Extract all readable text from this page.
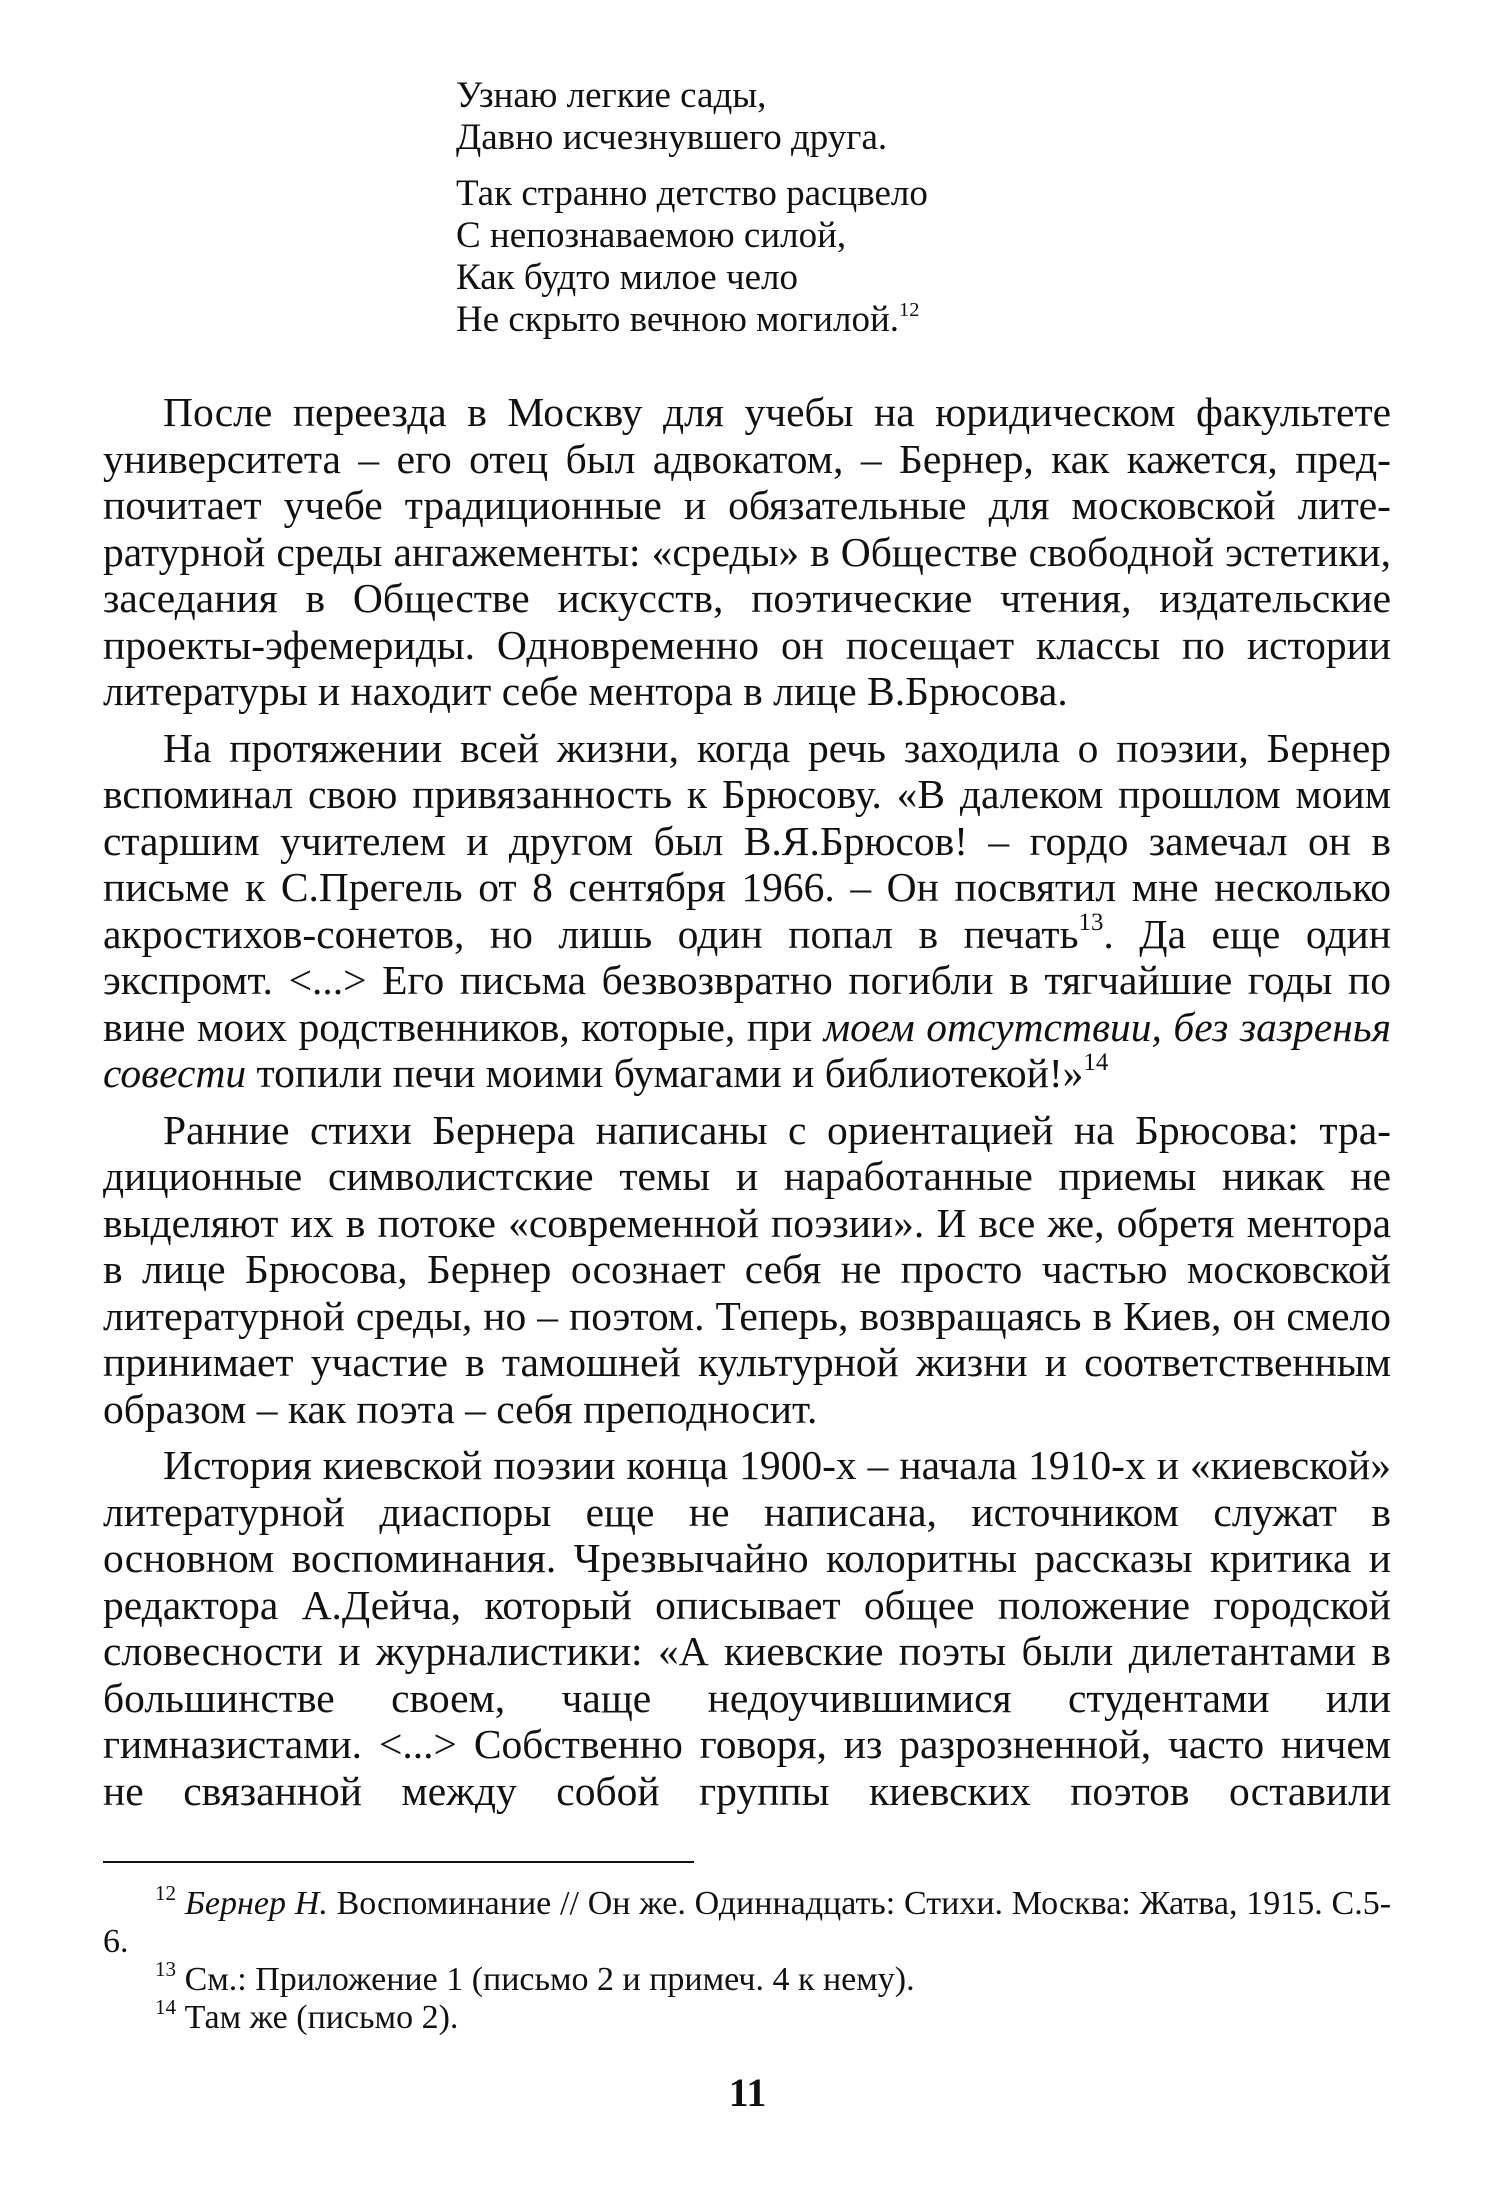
Узнаю легкие сады,
Давно исчезнувшего друга.
Так странно детство расцвело
С непознаваемою силой,
Как будто милое чело
Не скрыто вечною могилой.$^{12}$

После переезда в Москву для учебы на юридическом факультете университета – его отец был адвокатом, – Бернер, как кажется, предпочитает учебе традиционные и обязательные для московской литературной среды ангажементы: «среды» в Обществе свободной эстетики, заседания в Обществе искусств, поэтические чтения, издательские проекты-эфемериды. Одновременно он посещает классы по истории литературы и находит себе ментора в лице В.Брюсова.

На протяжении всей жизни, когда речь заходила о поэзии, Бернер вспоминал свою привязанность к Брюсову. «В далеком прошлом моим старшим учителем и другом был В.Я.Брюсов! – гордо замечал он в письме к С.Прегель от 8 сентября 1966. – Он посвятил мне несколько акростихов-сонетов, но лишь один попал в печать$^{13}$. Да еще один экспромт. <...> Его письма безвозвратно погибли в тягчайшие годы по вине моих родственников, которые, при моем отсутствии, без зазренья совести топили печи моими бумагами и библиотекой!»$^{14}$

Ранние стихи Бернера написаны с ориентацией на Брюсова: традиционные символистские темы и наработанные приемы никак не выделяют их в потоке «современной поэзии». И все же, обретя ментора в лице Брюсова, Бернер осознает себя не просто частью московской литературной среды, но – поэтом. Теперь, возвращаясь в Киев, он смело принимает участие в тамошней культурной жизни и соответственным образом – как поэта – себя преподносит.

История киевской поэзии конца 1900-х – начала 1910-х и «киевской» литературной диаспоры еще не написана, источником служат в основном воспоминания. Чрезвычайно колоритны рассказы критика и редактора А.Дейча, который описывает общее положение городской словесности и журналистики: «А киевские поэты были дилетантами в большинстве своем, чаще недоучившимися студентами или гимназистами. <...> Собственно говоря, из разрозненной, часто ничем не связанной между собой группы киевских поэтов оставили

$^{12}$ Бернер Н. Воспоминание // Он же. Одиннадцать: Стихи. Москва: Жатва, 1915. С.5-6.

$^{13}$ См.: Приложение 1 (письмо 2 и примеч. 4 к нему).

$^{14}$ Там же (письмо 2).

11
